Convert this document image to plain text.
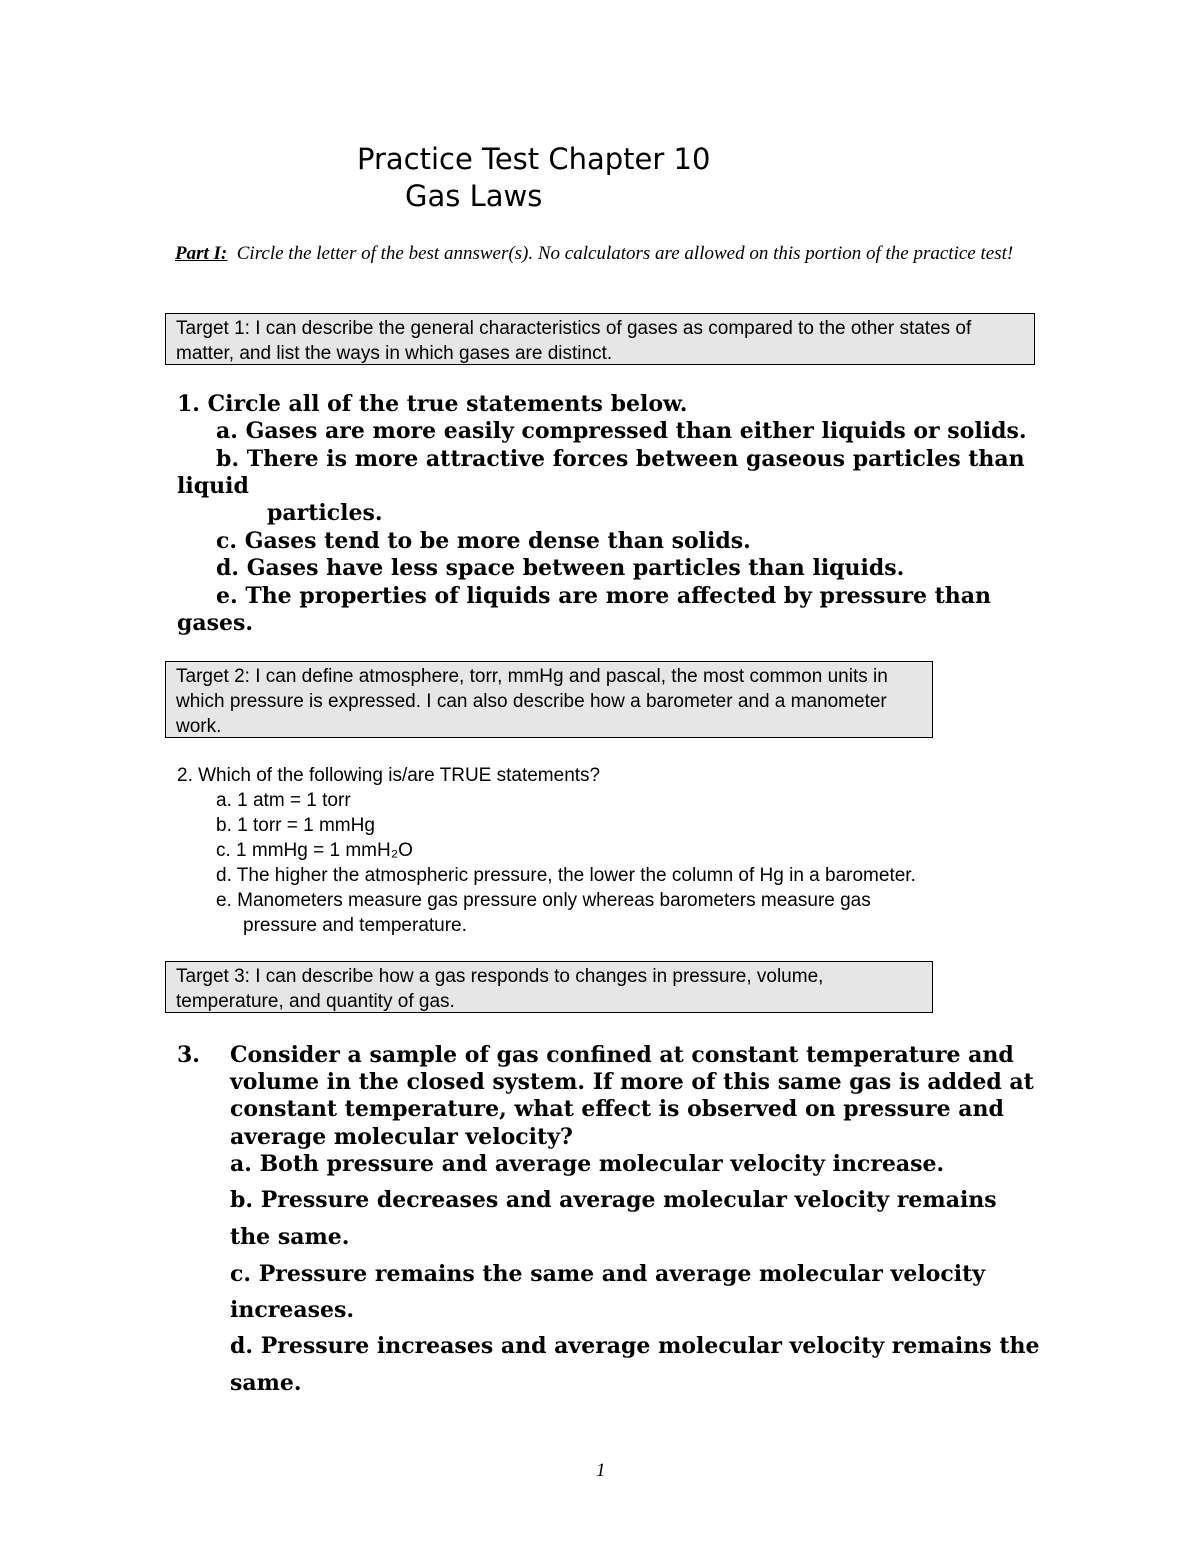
Practice Test Chapter 10
Gas Laws
Part I: Circle the letter of the best annswer(s). No calculators are allowed on this portion of the practice test!
Target 1: I can describe the general characteristics of gases as compared to the other states of matter, and list the ways in which gases are distinct.
1. Circle all of the true statements below.
a. Gases are more easily compressed than either liquids or solids.
b. There is more attractive forces between gaseous particles than
liquid
particles.
c. Gases tend to be more dense than solids.
d. Gases have less space between particles than liquids.
e. The properties of liquids are more affected by pressure than
gases.
Target 2: I can define atmosphere, torr, mmHg and pascal, the most common units in which pressure is expressed. I can also describe how a barometer and a manometer work.
2. Which of the following is/are TRUE statements?
a. 1 atm = 1 torr
b. 1 torr = 1 mmHg
c. 1 mmHg = 1 mmH₂O
d. The higher the atmospheric pressure, the lower the column of Hg in a barometer.
e. Manometers measure gas pressure only whereas barometers measure gas
pressure and temperature.
Target 3: I can describe how a gas responds to changes in pressure, volume, temperature, and quantity of gas.
3. Consider a sample of gas confined at constant temperature and
volume in the closed system. If more of this same gas is added at
constant temperature, what effect is observed on pressure and
average molecular velocity?
a. Both pressure and average molecular velocity increase.
b. Pressure decreases and average molecular velocity remains
the same.
c. Pressure remains the same and average molecular velocity
increases.
d. Pressure increases and average molecular velocity remains the
same.
1
